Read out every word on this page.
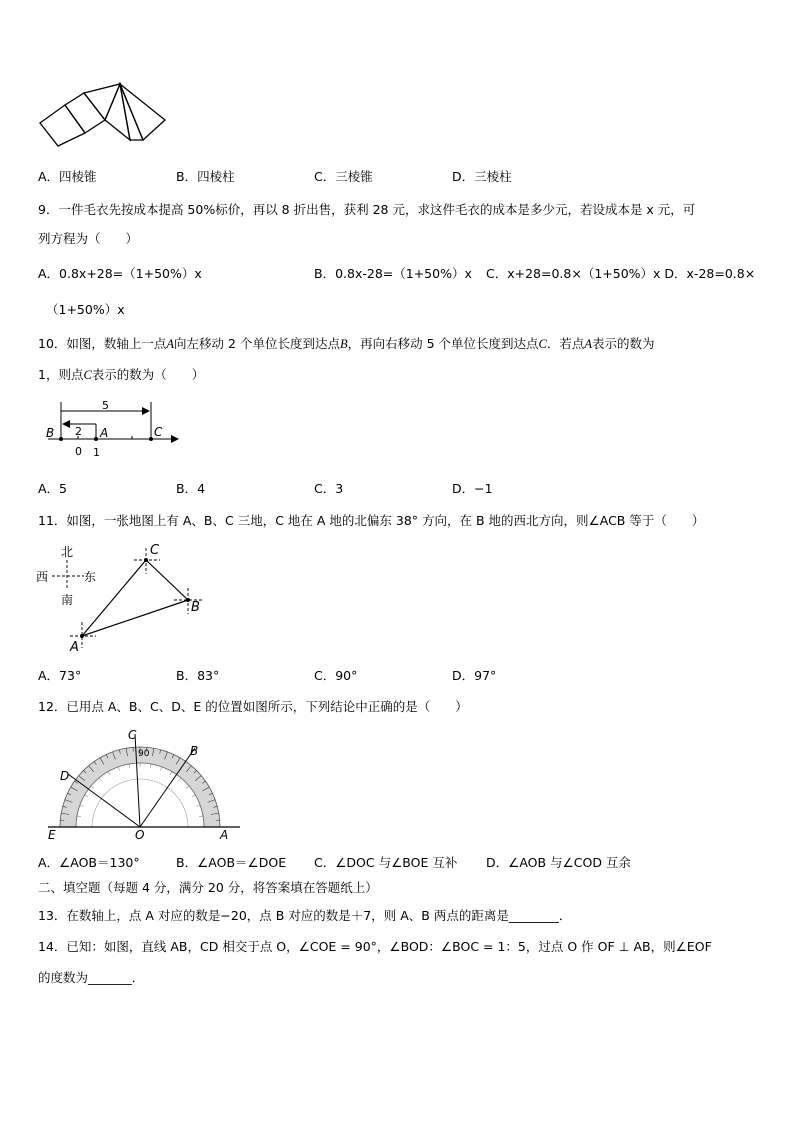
A．四棱锥	B．四棱柱	C．三棱锥	D．三棱柱
9．一件毛衣先按成本提高 50%标价，再以 8 折出售，获利 28 元，求这件毛衣的成本是多少元，若设成本是 x 元，可
列方程为（　　）
A．0.8x+28=（1+50%）x	B．0.8x-28=（1+50%）x C．x+28=0.8×（1+50%）x D．x-28=0.8×
（1+50%）x
10．如图，数轴上一点A向左移动 2 个单位长度到达点B，再向右移动 5 个单位长度到达点C．若点A表示的数为
1，则点C表示的数为（　　）
5
2
B	A	C
0 1
A．5	B．4	C．3	D．−1
11．如图，一张地图上有 A、B、C 三地，C 地在 A 地的北偏东 38° 方向，在 B 地的西北方向，则∠ACB 等于（　　）
北
西	东
南
C
B
A
A．73°	B．83°	C．90°	D．97°
12．已用点 A、B、C、D、E 的位置如图所示，下列结论中正确的是（　　）
90
C
B
D
E	O	A
A．∠AOB＝130°	B．∠AOB＝∠DOE C．∠DOC 与∠BOE 互补 D．∠AOB 与∠COD 互余
二、填空题（每题 4 分，满分 20 分，将答案填在答题纸上）
13．在数轴上，点 A 对应的数是−20，点 B 对应的数是＋7，则 A、B 两点的距离是________．
14．已知：如图，直线 AB，CD 相交于点 O，∠COE = 90°，∠BOD：∠BOC = 1：5，过点 O 作 OF ⊥ AB，则∠EOF
的度数为_______．
